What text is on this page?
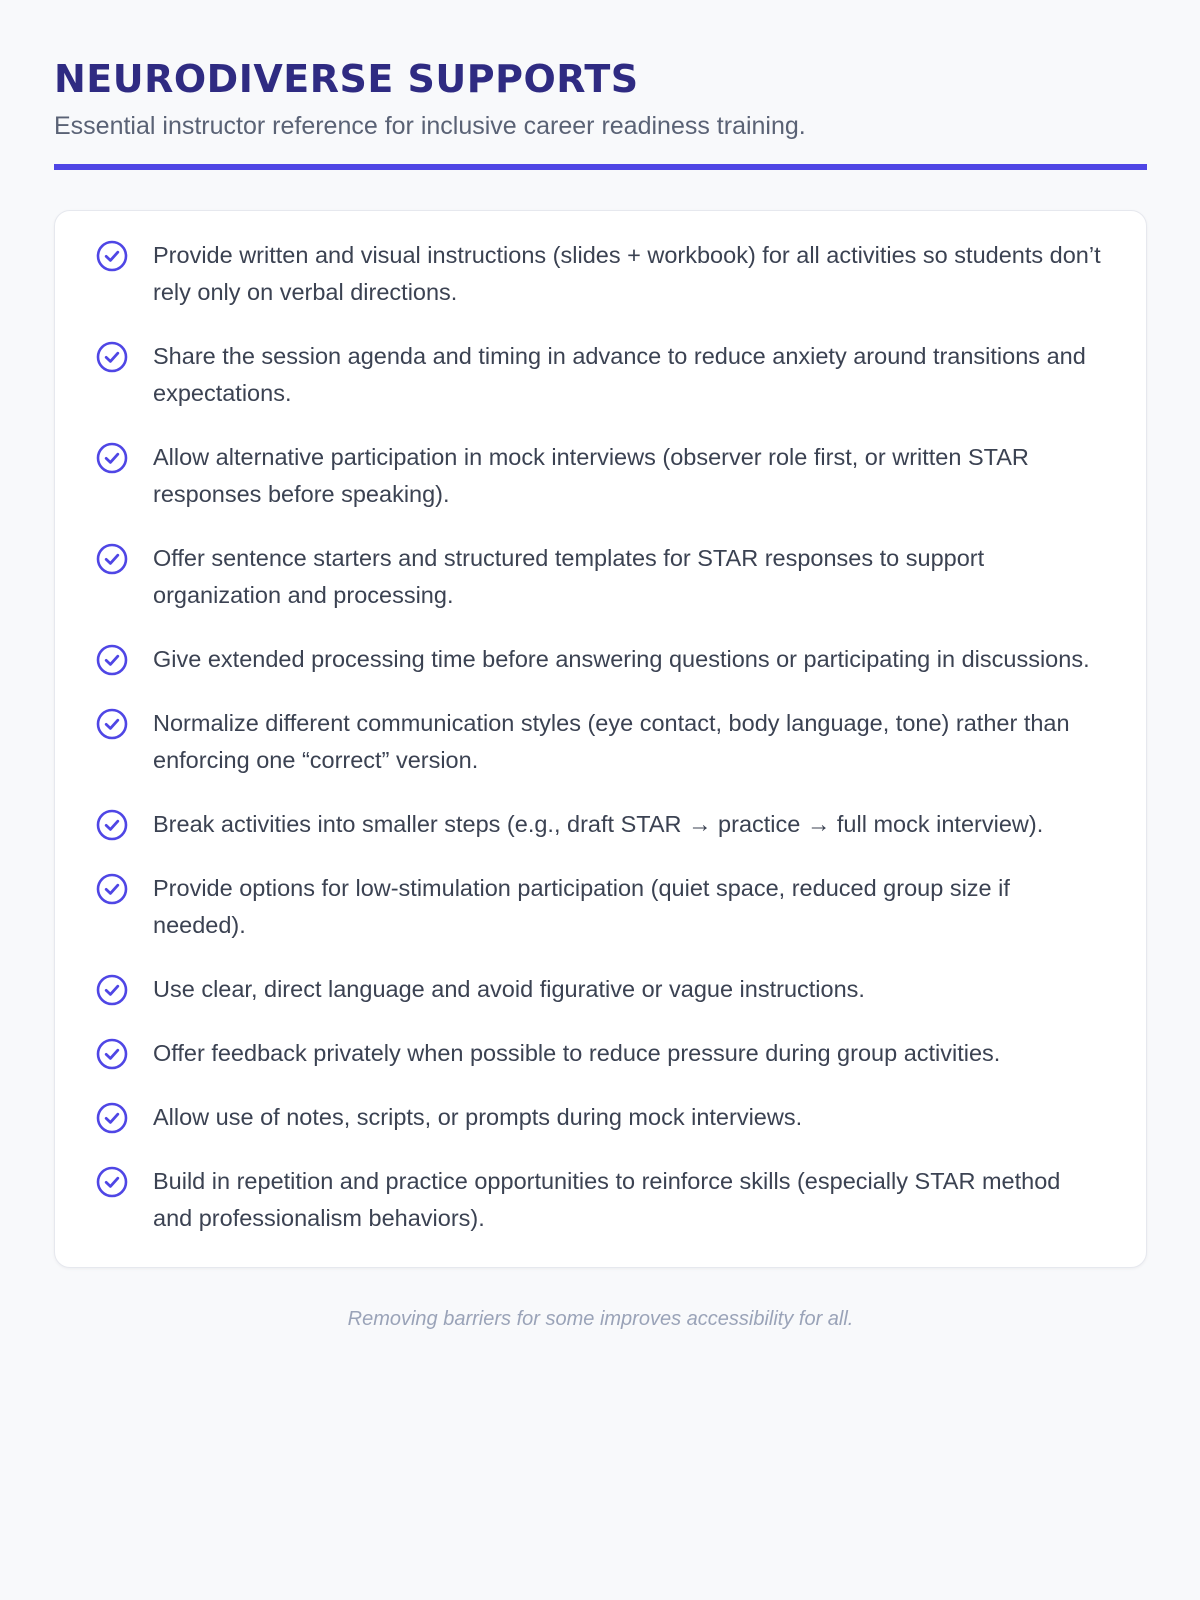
NEURODIVERSE SUPPORTS

Essential instructor reference for inclusive career readiness training.

Provide written and visual instructions (slides + workbook) for all activities so students don’t rely only on verbal directions.
Share the session agenda and timing in advance to reduce anxiety around transitions and expectations.
Allow alternative participation in mock interviews (observer role first, or written STAR responses before speaking).
Offer sentence starters and structured templates for STAR responses to support organization and processing.
Give extended processing time before answering questions or participating in discussions.
Normalize different communication styles (eye contact, body language, tone) rather than enforcing one “correct” version.
Break activities into smaller steps (e.g., draft STAR → practice → full mock interview).
Provide options for low-stimulation participation (quiet space, reduced group size if needed).
Use clear, direct language and avoid figurative or vague instructions.
Offer feedback privately when possible to reduce pressure during group activities.
Allow use of notes, scripts, or prompts during mock interviews.
Build in repetition and practice opportunities to reinforce skills (especially STAR method and professionalism behaviors).
Removing barriers for some improves accessibility for all.
